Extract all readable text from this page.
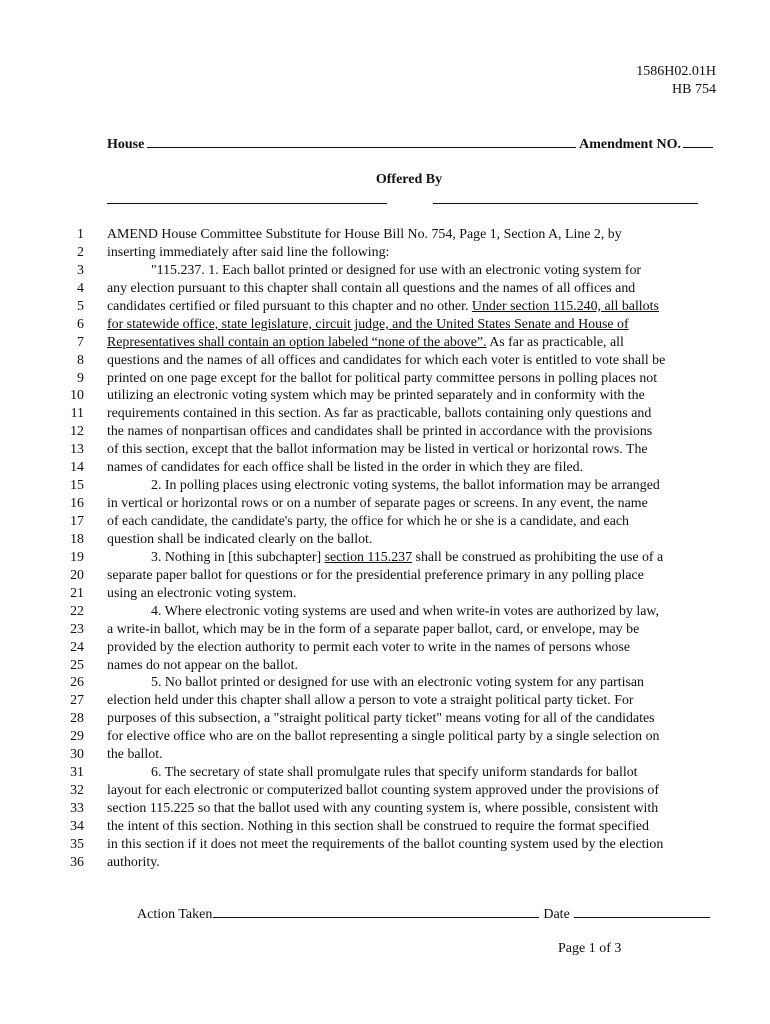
1586H02.01H
HB 754
House	Amendment NO.
Offered By
1 AMEND House Committee Substitute for House Bill No. 754, Page 1, Section A, Line 2, by
2 inserting immediately after said line the following:
3	"115.237. 1. Each ballot printed or designed for use with an electronic voting system for
4 any election pursuant to this chapter shall contain all questions and the names of all offices and
5 candidates certified or filed pursuant to this chapter and no other. Under section 115.240, all ballots
6 for statewide office, state legislature, circuit judge, and the United States Senate and House of
7 Representatives shall contain an option labeled “none of the above”. As far as practicable, all
8 questions and the names of all offices and candidates for which each voter is entitled to vote shall be
9 printed on one page except for the ballot for political party committee persons in polling places not
10 utilizing an electronic voting system which may be printed separately and in conformity with the
11 requirements contained in this section. As far as practicable, ballots containing only questions and
12 the names of nonpartisan offices and candidates shall be printed in accordance with the provisions
13 of this section, except that the ballot information may be listed in vertical or horizontal rows. The
14 names of candidates for each office shall be listed in the order in which they are filed.
15	2. In polling places using electronic voting systems, the ballot information may be arranged
16 in vertical or horizontal rows or on a number of separate pages or screens. In any event, the name
17 of each candidate, the candidate's party, the office for which he or she is a candidate, and each
18 question shall be indicated clearly on the ballot.
19	3. Nothing in [this subchapter] section 115.237 shall be construed as prohibiting the use of a
20 separate paper ballot for questions or for the presidential preference primary in any polling place
21 using an electronic voting system.
22	4. Where electronic voting systems are used and when write-in votes are authorized by law,
23 a write-in ballot, which may be in the form of a separate paper ballot, card, or envelope, may be
24 provided by the election authority to permit each voter to write in the names of persons whose
25 names do not appear on the ballot.
26	5. No ballot printed or designed for use with an electronic voting system for any partisan
27 election held under this chapter shall allow a person to vote a straight political party ticket. For
28 purposes of this subsection, a "straight political party ticket" means voting for all of the candidates
29 for elective office who are on the ballot representing a single political party by a single selection on
30 the ballot.
31	6. The secretary of state shall promulgate rules that specify uniform standards for ballot
32 layout for each electronic or computerized ballot counting system approved under the provisions of
33 section 115.225 so that the ballot used with any counting system is, where possible, consistent with
34 the intent of this section. Nothing in this section shall be construed to require the format specified
35 in this section if it does not meet the requirements of the ballot counting system used by the election
36 authority.
Action Taken	Date
Page 1 of 3
